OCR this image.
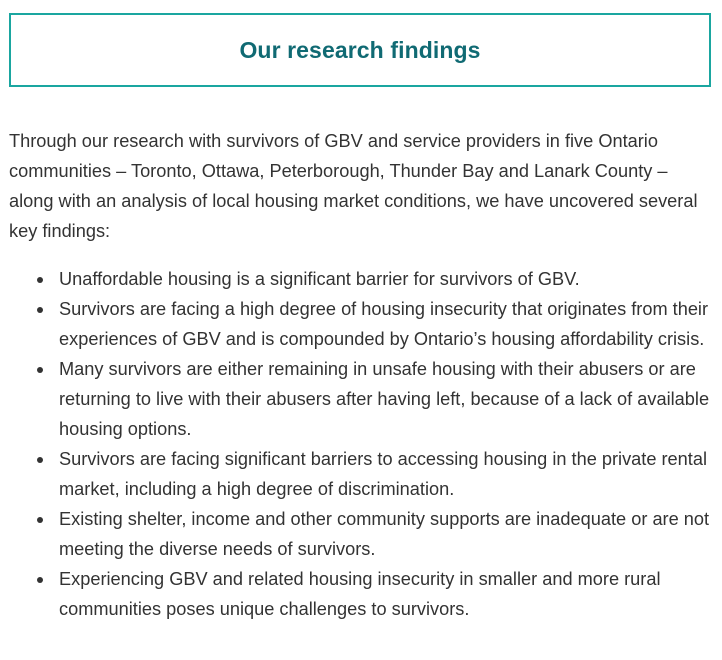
Our research findings

Through our research with survivors of GBV and service providers in five Ontario communities – Toronto, Ottawa, Peterborough, Thunder Bay and Lanark County – along with an analysis of local housing market conditions, we have uncovered several key findings:

Unaffordable housing is a significant barrier for survivors of GBV.
Survivors are facing a high degree of housing insecurity that originates from their experiences of GBV and is compounded by Ontario’s housing affordability crisis.
Many survivors are either remaining in unsafe housing with their abusers or are returning to live with their abusers after having left, because of a lack of available housing options.
Survivors are facing significant barriers to accessing housing in the private rental market, including a high degree of discrimination.
Existing shelter, income and other community supports are inadequate or are not meeting the diverse needs of survivors.
Experiencing GBV and related housing insecurity in smaller and more rural communities poses unique challenges to survivors.
